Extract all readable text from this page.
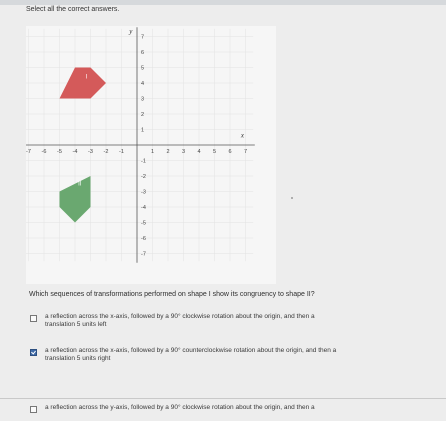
Select all the correct answers.
-7 -6 -5 -4 -3 -2 -1	1 2 3 4 5 6 7
7
6
5
4
3
2
1
-1
-2
-3
-4
-5
-6
-7
I
II
x
y
Which sequences of transformations performed on shape I show its congruency to shape II?
a reflection across the x-axis, followed by a 90° clockwise rotation about the origin, and then a
translation 5 units left
a reflection across the x-axis, followed by a 90° counterclockwise rotation about the origin, and then a
translation 5 units right
a reflection across the y-axis, followed by a 90° clockwise rotation about the origin, and then a
